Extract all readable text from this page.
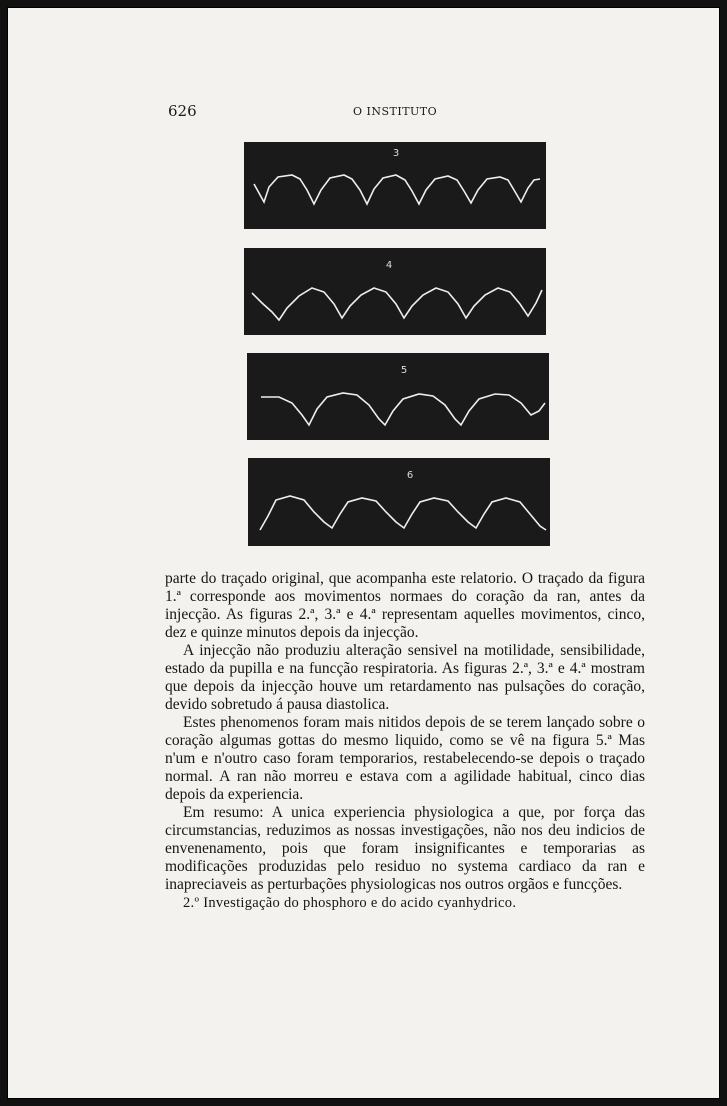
626	O INSTITUTO
3
4
5
6

parte do traçado original, que acompanha este relatorio. O traçado da figura 1.ª corresponde aos movimentos normaes do coração da ran, antes da injecção. As figuras 2.ª, 3.ª e 4.ª representam aquelles movimentos, cinco, dez e quinze minutos depois da injecção.

A injecção não produziu alteração sensivel na motilidade, sensibilidade, estado da pupilla e na funcção respiratoria. As figuras 2.ª, 3.ª e 4.ª mostram que depois da injecção houve um retardamento nas pulsações do coração, devido sobretudo á pausa diastolica.

Estes phenomenos foram mais nitidos depois de se terem lançado sobre o coração algumas gottas do mesmo liquido, como se vê na figura 5.ª Mas n'um e n'outro caso foram temporarios, restabelecendo-se depois o traçado normal. A ran não morreu e estava com a agilidade habitual, cinco dias depois da experiencia.

Em resumo: A unica experiencia physiologica a que, por força das circumstancias, reduzimos as nossas investigações, não nos deu indicios de envenenamento, pois que foram insignificantes e temporarias as modificações produzidas pelo residuo no systema cardiaco da ran e inapreciaveis as perturbações physiologicas nos outros orgãos e funcções.

2.º Investigação do phosphoro e do acido cyanhydrico.
